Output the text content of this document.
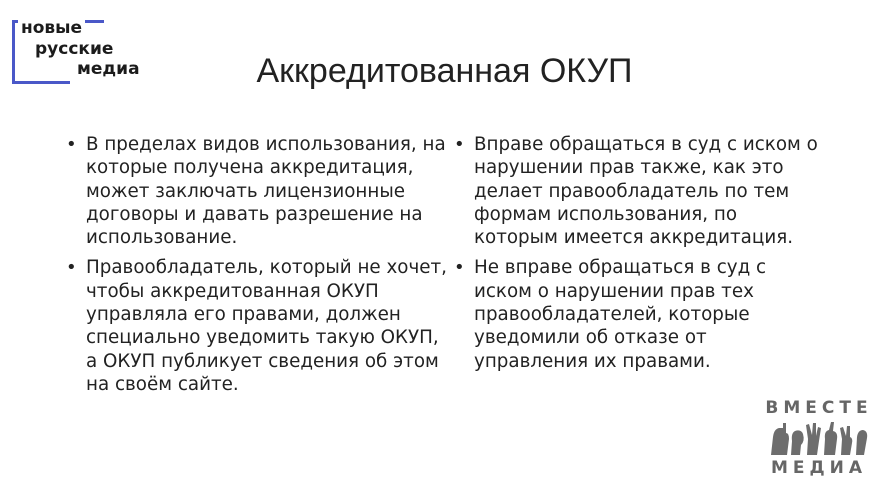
новые
русские
медиа	Аккредитованная ОКУП
• В пределах видов использования, на которые получена аккредитация, может заключать лицензионные договоры и давать разрешение на использование.
• Правообладатель, который не хочет, чтобы аккредитованная ОКУП управляла его правами, должен специально уведомить такую ОКУП, а ОКУП публикует сведения об этом на своём сайте.
• Вправе обращаться в суд с иском о нарушении прав также, как это делает правообладатель по тем формам использования, по которым имеется аккредитация.
• Не вправе обращаться в суд с иском о нарушении прав тех правообладателей, которые уведомили об отказе от управления их правами.
ВМЕСТЕ
МЕДИА
